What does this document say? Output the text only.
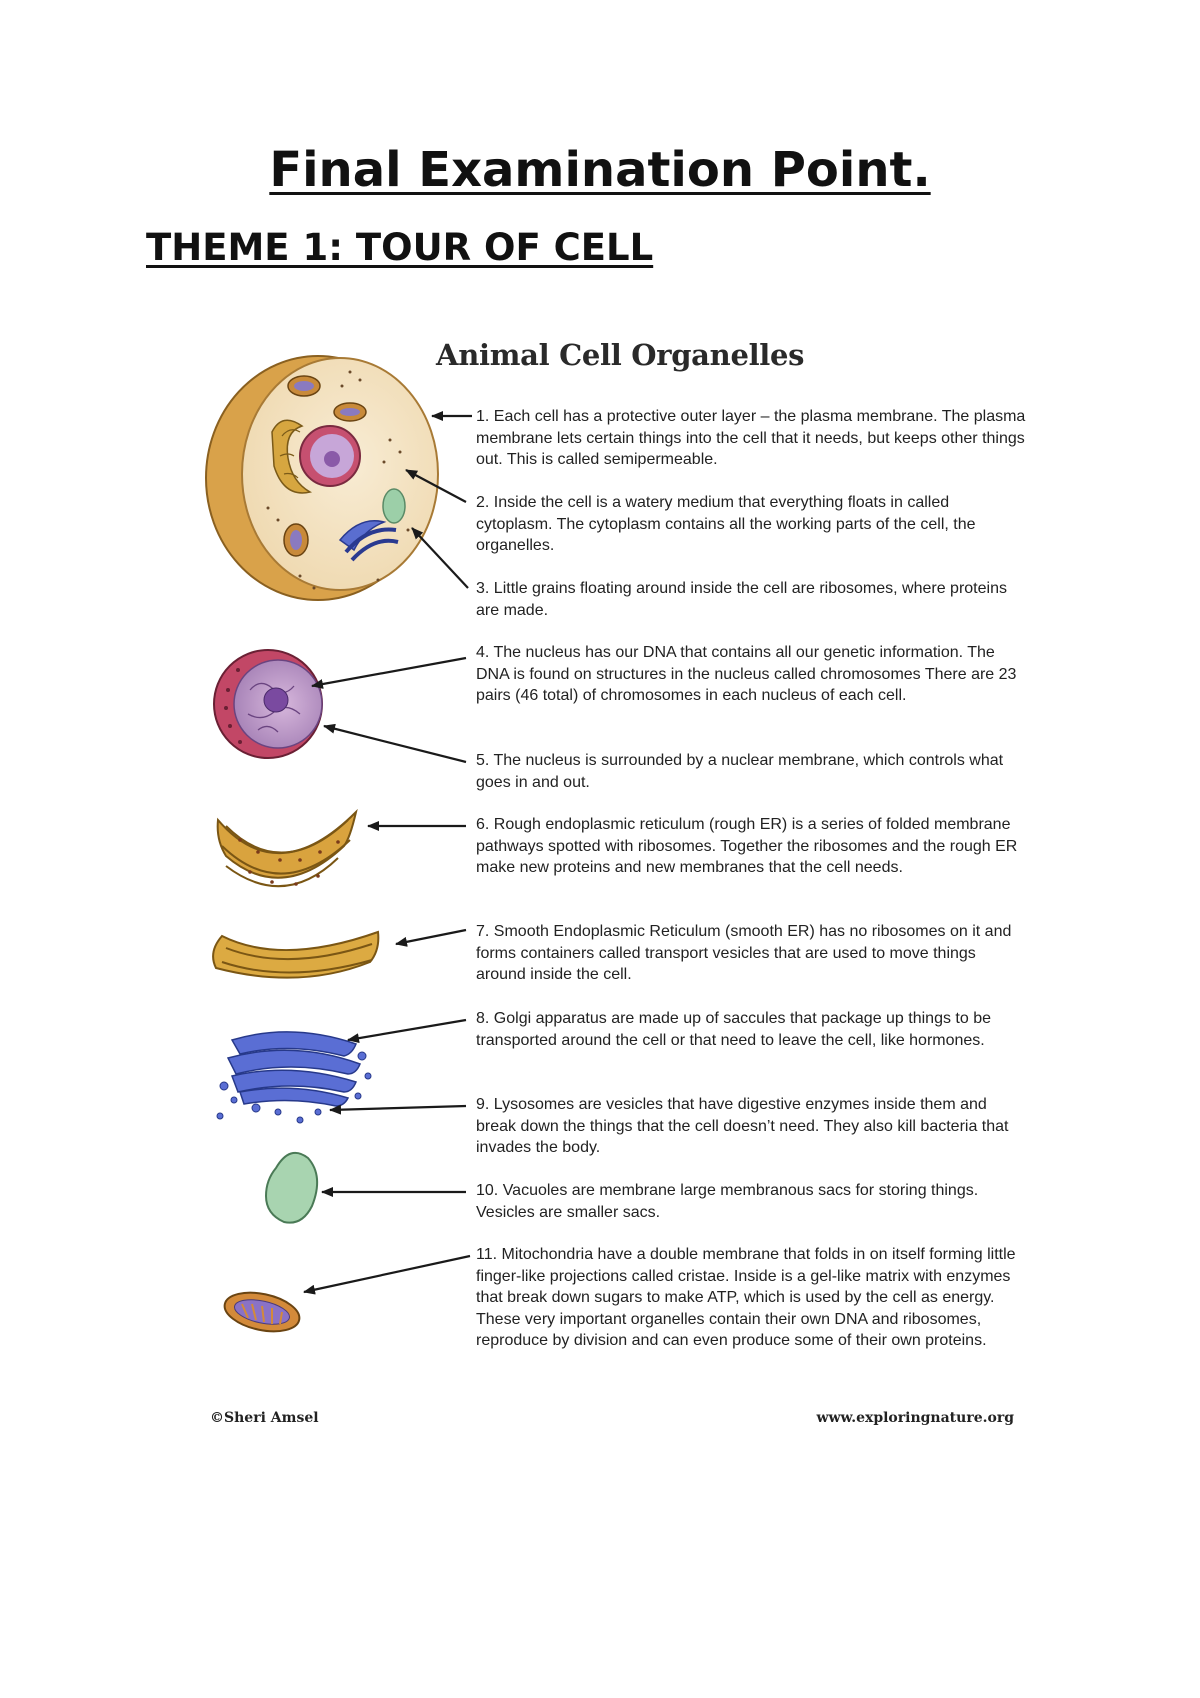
Final Examination Point.
THEME 1: TOUR OF CELL
Animal Cell Organelles

1. Each cell has a protective outer layer – the plasma membrane. The plasma membrane lets certain things into the cell that it needs, but keeps other things out. This is called semipermeable.

2. Inside the cell is a watery medium that everything floats in called cytoplasm. The cytoplasm contains all the working parts of the cell, the organelles.

3. Little grains floating around inside the cell are ribosomes, where proteins are made.

4. The nucleus has our DNA that contains all our genetic information. The DNA is found on structures in the nucleus called chromosomes There are 23 pairs (46 total) of chromosomes in each nucleus of each cell.

5. The nucleus is surrounded by a nuclear membrane, which controls what goes in and out.

6. Rough endoplasmic reticulum (rough ER) is a series of folded membrane pathways spotted with ribosomes. Together the ribosomes and the rough ER make new proteins and new membranes that the cell needs.

7. Smooth Endoplasmic Reticulum (smooth ER) has no ribosomes on it and forms containers called transport vesicles that are used to move things around inside the cell.

8. Golgi apparatus are made up of saccules that package up things to be transported around the cell or that need to leave the cell, like hormones.

9. Lysosomes are vesicles that have digestive enzymes inside them and break down the things that the cell doesn’t need. They also kill bacteria that invades the body.

10. Vacuoles are membrane large membranous sacs for storing things. Vesicles are smaller sacs.

11. Mitochondria have a double membrane that folds in on itself forming little finger-like projections called cristae. Inside is a gel-like matrix with enzymes that break down sugars to make ATP, which is used by the cell as energy. These very important organelles contain their own DNA and ribosomes, reproduce by division and can even produce some of their own proteins.

©Sheri Amsel	www.exploringnature.org
